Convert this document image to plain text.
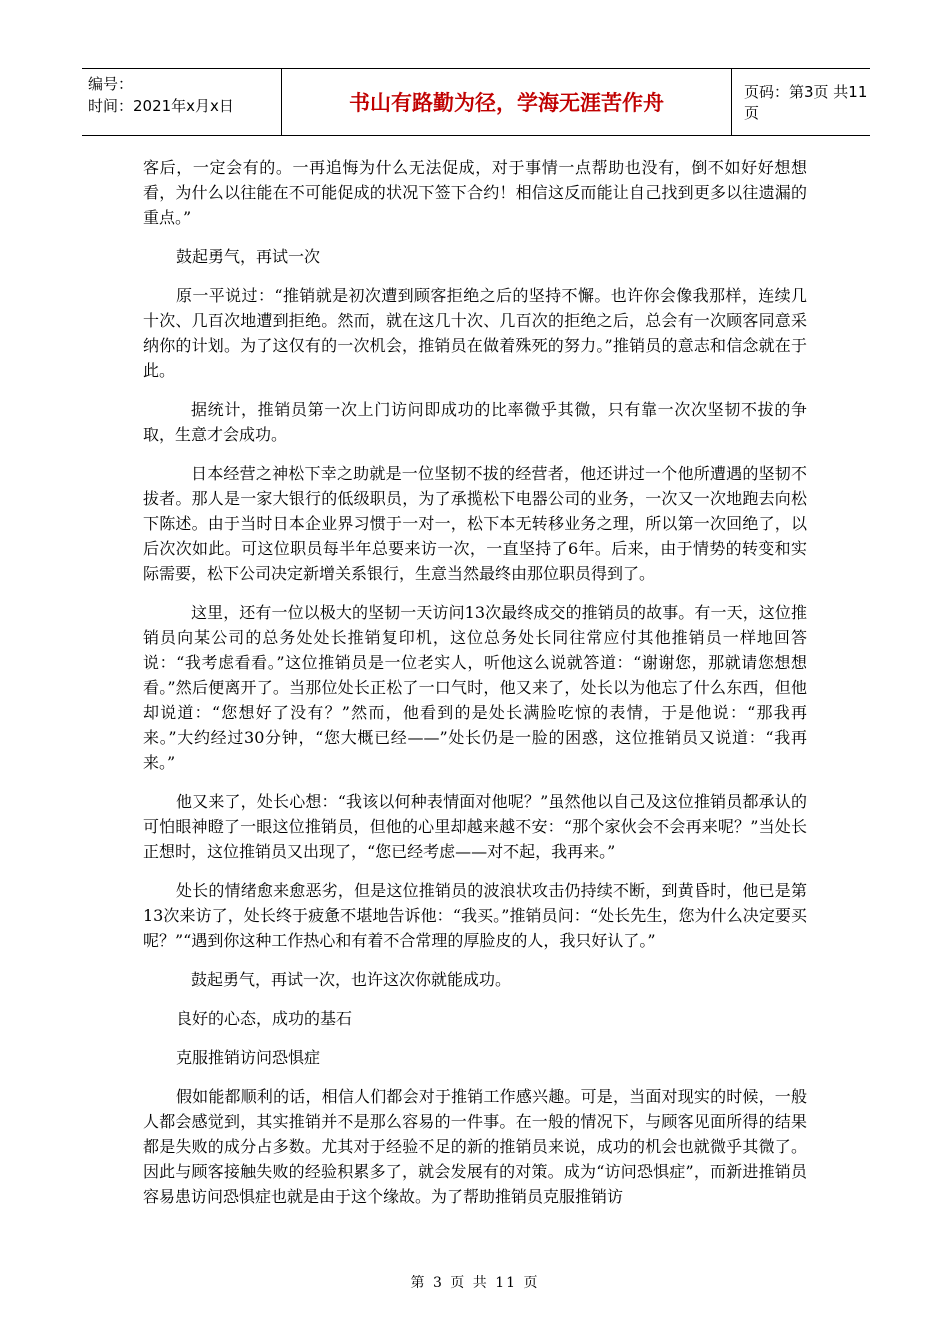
编号：
时间：2021年x月x日	书山有路勤为径，学海无涯苦作舟	页码：第3页 共11页

客后，一定会有的。一再追悔为什么无法促成，对于事情一点帮助也没有，倒不如好好想想看，为什么以往能在不可能促成的状况下签下合约！相信这反而能让自己找到更多以往遗漏的重点。”

鼓起勇气，再试一次

原一平说过：“推销就是初次遭到顾客拒绝之后的坚持不懈。也许你会像我那样，连续几十次、几百次地遭到拒绝。然而，就在这几十次、几百次的拒绝之后，总会有一次顾客同意采纳你的计划。为了这仅有的一次机会，推销员在做着殊死的努力。”推销员的意志和信念就在于此。

据统计，推销员第一次上门访问即成功的比率微乎其微，只有靠一次次坚韧不拔的争取，生意才会成功。

日本经营之神松下幸之助就是一位坚韧不拔的经营者，他还讲过一个他所遭遇的坚韧不拔者。那人是一家大银行的低级职员，为了承揽松下电器公司的业务，一次又一次地跑去向松下陈述。由于当时日本企业界习惯于一对一，松下本无转移业务之理，所以第一次回绝了，以后次次如此。可这位职员每半年总要来访一次，一直坚持了6年。后来，由于情势的转变和实际需要，松下公司决定新增关系银行，生意当然最终由那位职员得到了。

这里，还有一位以极大的坚韧一天访问13次最终成交的推销员的故事。有一天，这位推销员向某公司的总务处处长推销复印机，这位总务处长同往常应付其他推销员一样地回答说：“我考虑看看。”这位推销员是一位老实人，听他这么说就答道：“谢谢您，那就请您想想看。”然后便离开了。当那位处长正松了一口气时，他又来了，处长以为他忘了什么东西，但他却说道：“您想好了没有？”然而，他看到的是处长满脸吃惊的表情，于是他说：“那我再来。”大约经过30分钟，“您大概已经——”处长仍是一脸的困惑，这位推销员又说道：“我再来。”

他又来了，处长心想：“我该以何种表情面对他呢？”虽然他以自己及这位推销员都承认的可怕眼神瞪了一眼这位推销员，但他的心里却越来越不安：“那个家伙会不会再来呢？”当处长正想时，这位推销员又出现了，“您已经考虑——对不起，我再来。”

处长的情绪愈来愈恶劣，但是这位推销员的波浪状攻击仍持续不断，到黄昏时，他已是第13次来访了，处长终于疲惫不堪地告诉他：“我买。”推销员问：“处长先生，您为什么决定要买呢？”“遇到你这种工作热心和有着不合常理的厚脸皮的人，我只好认了。”

鼓起勇气，再试一次，也许这次你就能成功。

良好的心态，成功的基石

克服推销访问恐惧症

假如能都顺利的话，相信人们都会对于推销工作感兴趣。可是，当面对现实的时候，一般人都会感觉到，其实推销并不是那么容易的一件事。在一般的情况下，与顾客见面所得的结果都是失败的成分占多数。尤其对于经验不足的新的推销员来说，成功的机会也就微乎其微了。因此与顾客接触失败的经验积累多了，就会发展有的对策。成为“访问恐惧症”，而新进推销员容易患访问恐惧症也就是由于这个缘故。为了帮助推销员克服推销访

第 3 页 共 11 页
